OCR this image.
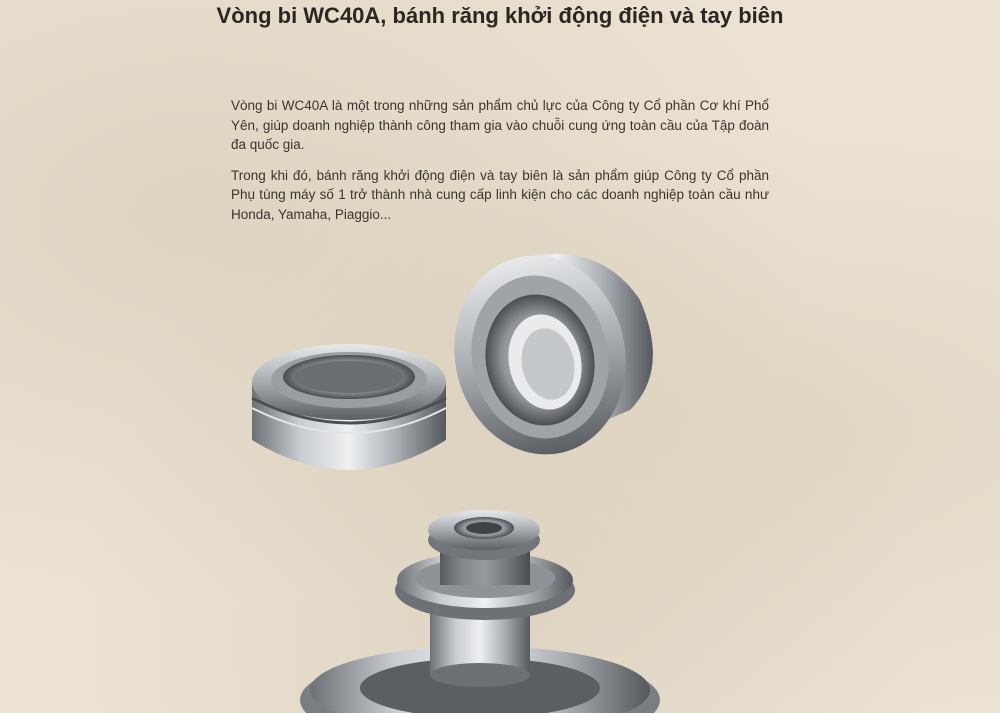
Vòng bi WC40A, bánh răng khởi động điện và tay biên

Vòng bi WC40A là một trong những sản phẩm chủ lực của Công ty Cổ phần Cơ khí Phổ Yên, giúp doanh nghiệp thành công tham gia vào chuỗi cung ứng toàn cầu của Tập đoàn đa quốc gia.

Trong khi đó, bánh răng khởi động điện và tay biên là sản phẩm giúp Công ty Cổ phần Phụ tùng máy số 1 trở thành nhà cung cấp linh kiện cho các doanh nghiệp toàn cầu như Honda, Yamaha, Piaggio...
